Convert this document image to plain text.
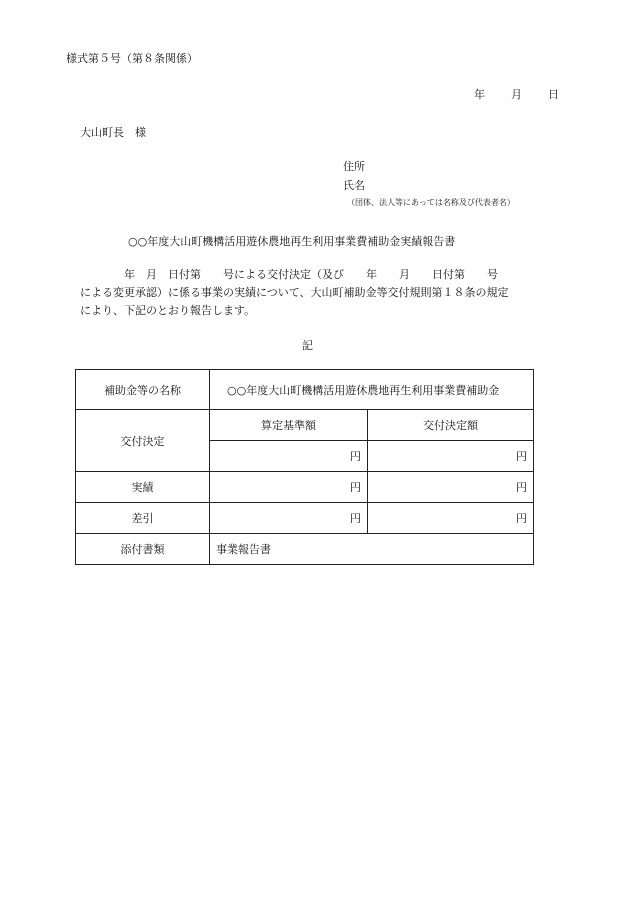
様式第５号（第８条関係）
年 月 日
大山町長　様
住所
氏名
（団体、法人等にあっては名称及び代表者名）
○○年度大山町機構活用遊休農地再生利用事業費補助金実績報告書
　　　　年　月　日付第　　号による交付決定（及び　　年　　月　　日付第　　号
による変更承認）に係る事業の実績について、大山町補助金等交付規則第１８条の規定
により、下記のとおり報告します。
記
補助金等の名称	　○○年度大山町機構活用遊休農地再生利用事業費補助金	
交付決定	算定基準額	交付決定額
	円	円
実績	円	円
差引	円	円
添付書類	事業報告書	
